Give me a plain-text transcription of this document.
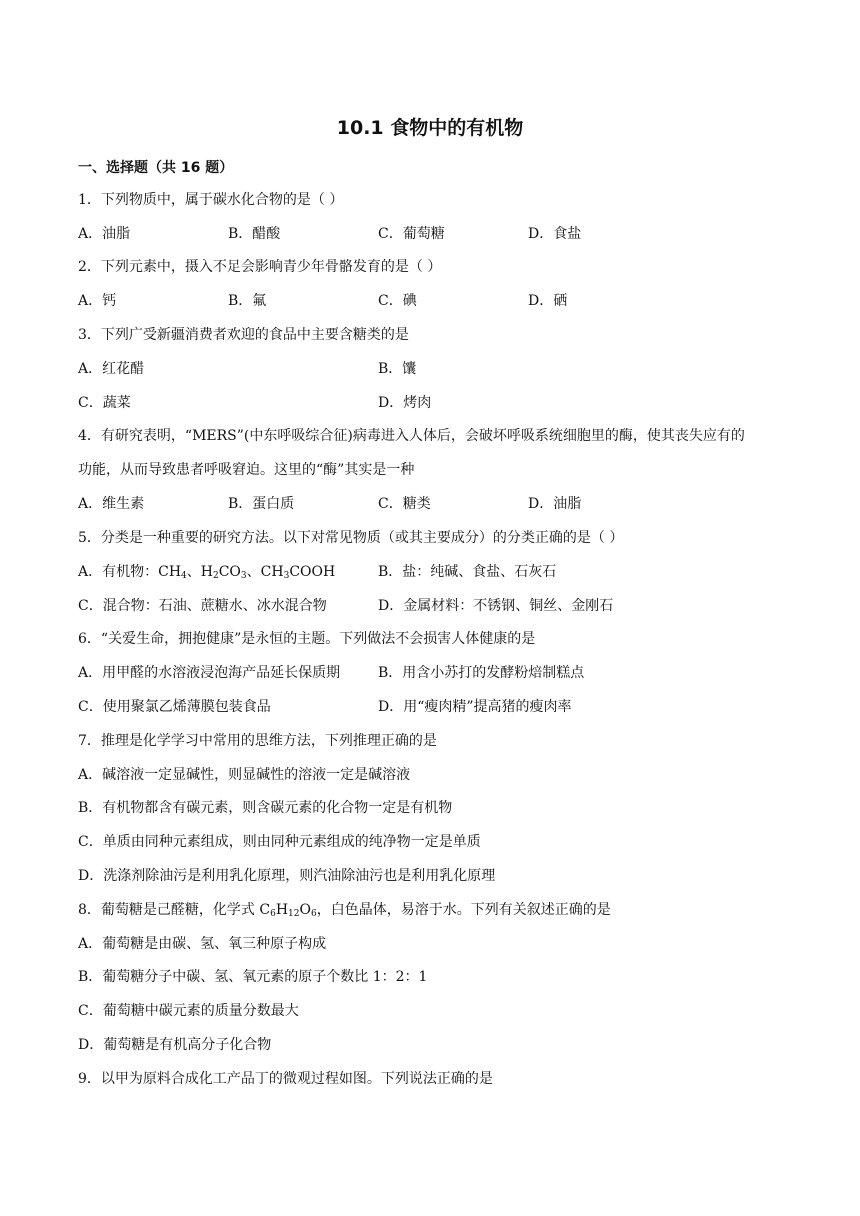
10.1 食物中的有机物
一、选择题（共 16 题）
1．下列物质中，属于碳水化合物的是（ ）
A．油脂	B．醋酸	C．葡萄糖	D．食盐
2．下列元素中，摄入不足会影响青少年骨骼发育的是（ ）
A．钙	B．氟	C．碘	D．硒
3．下列广受新疆消费者欢迎的食品中主要含糖类的是
A．红花醋	B．馕
C．蔬菜	D．烤肉
4．有研究表明，“MERS”(中东呼吸综合征)病毒进入人体后，会破坏呼吸系统细胞里的酶，使其丧失应有的
功能，从而导致患者呼吸窘迫。这里的“酶”其实是一种
A．维生素	B．蛋白质	C．糖类	D．油脂
5．分类是一种重要的研究方法。以下对常见物质（或其主要成分）的分类正确的是（ ）
A．有机物：$CH_4$、$H_2CO_3$、$CH_3COOH$	B．盐：纯碱、食盐、石灰石
C．混合物：石油、蔗糖水、冰水混合物	D．金属材料：不锈钢、铜丝、金刚石
6．“关爱生命，拥抱健康”是永恒的主题。下列做法不会损害人体健康的是
A．用甲醛的水溶液浸泡海产品延长保质期	B．用含小苏打的发酵粉焙制糕点
C．使用聚氯乙烯薄膜包装食品	D．用“瘦肉精”提高猪的瘦肉率
7．推理是化学学习中常用的思维方法，下列推理正确的是
A．碱溶液一定显碱性，则显碱性的溶液一定是碱溶液
B．有机物都含有碳元素，则含碳元素的化合物一定是有机物
C．单质由同种元素组成，则由同种元素组成的纯净物一定是单质
D．洗涤剂除油污是利用乳化原理，则汽油除油污也是利用乳化原理
8．葡萄糖是己醛糖，化学式 $C_6H_{12}O_6$，白色晶体，易溶于水。下列有关叙述正确的是
A．葡萄糖是由碳、氢、氧三种原子构成
B．葡萄糖分子中碳、氢、氧元素的原子个数比 1：2：1
C．葡萄糖中碳元素的质量分数最大
D．葡萄糖是有机高分子化合物
9．以甲为原料合成化工产品丁的微观过程如图。下列说法正确的是
